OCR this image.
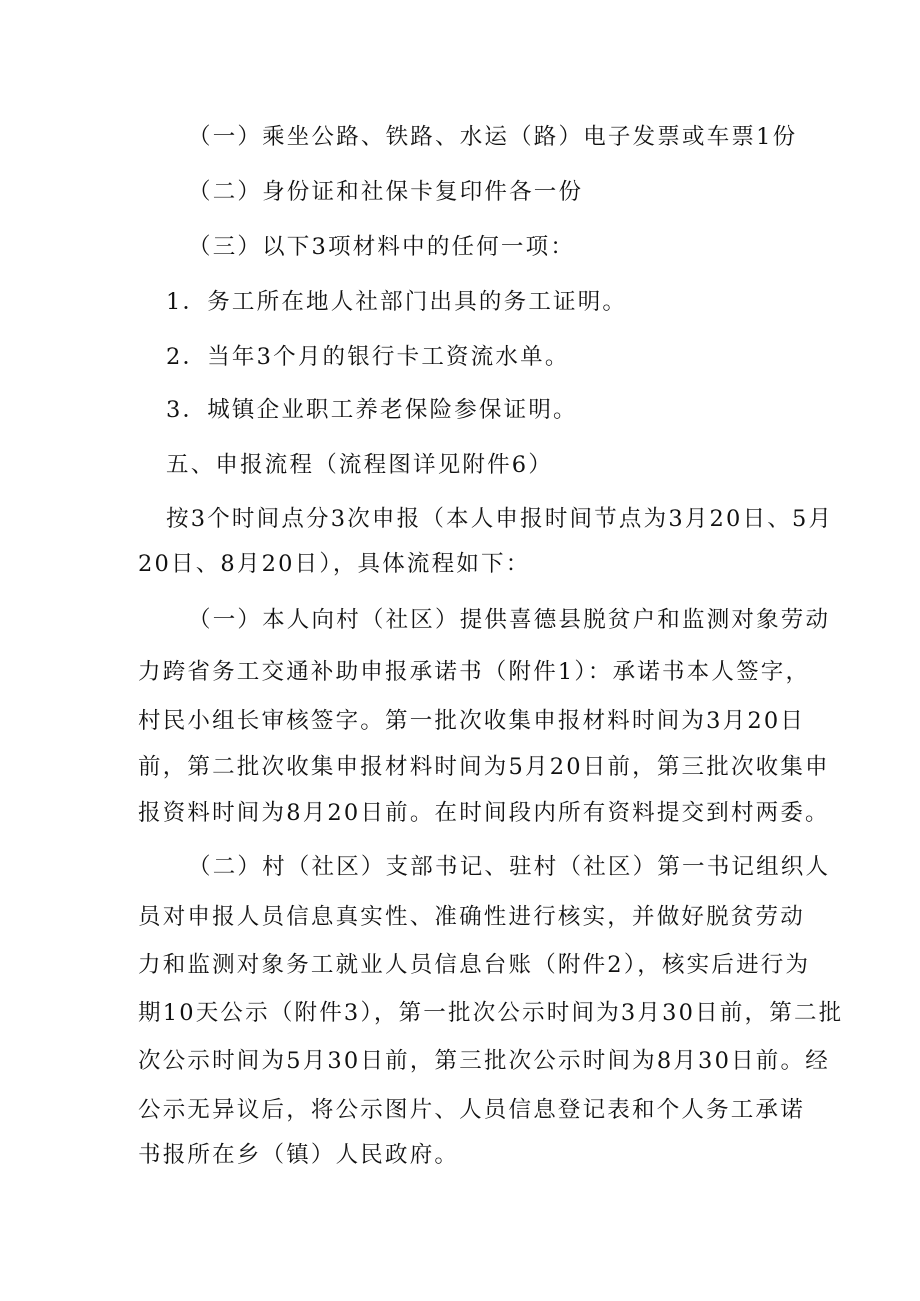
（一）乘坐公路、铁路、水运（路）电子发票或车票1份
（二）身份证和社保卡复印件各一份
（三）以下3项材料中的任何一项：
1．务工所在地人社部门出具的务工证明。
2．当年3个月的银行卡工资流水单。
3．城镇企业职工养老保险参保证明。
五、申报流程（流程图详见附件6）
按3个时间点分3次申报（本人申报时间节点为3月20日、5月
20日、8月20日），具体流程如下：
（一）本人向村（社区）提供喜德县脱贫户和监测对象劳动
力跨省务工交通补助申报承诺书（附件1）：承诺书本人签字，
村民小组长审核签字。第一批次收集申报材料时间为3月20日
前，第二批次收集申报材料时间为5月20日前，第三批次收集申
报资料时间为8月20日前。在时间段内所有资料提交到村两委。
（二）村（社区）支部书记、驻村（社区）第一书记组织人
员对申报人员信息真实性、准确性进行核实，并做好脱贫劳动
力和监测对象务工就业人员信息台账（附件2），核实后进行为
期10天公示（附件3），第一批次公示时间为3月30日前，第二批
次公示时间为5月30日前，第三批次公示时间为8月30日前。经
公示无异议后，将公示图片、人员信息登记表和个人务工承诺
书报所在乡（镇）人民政府。
